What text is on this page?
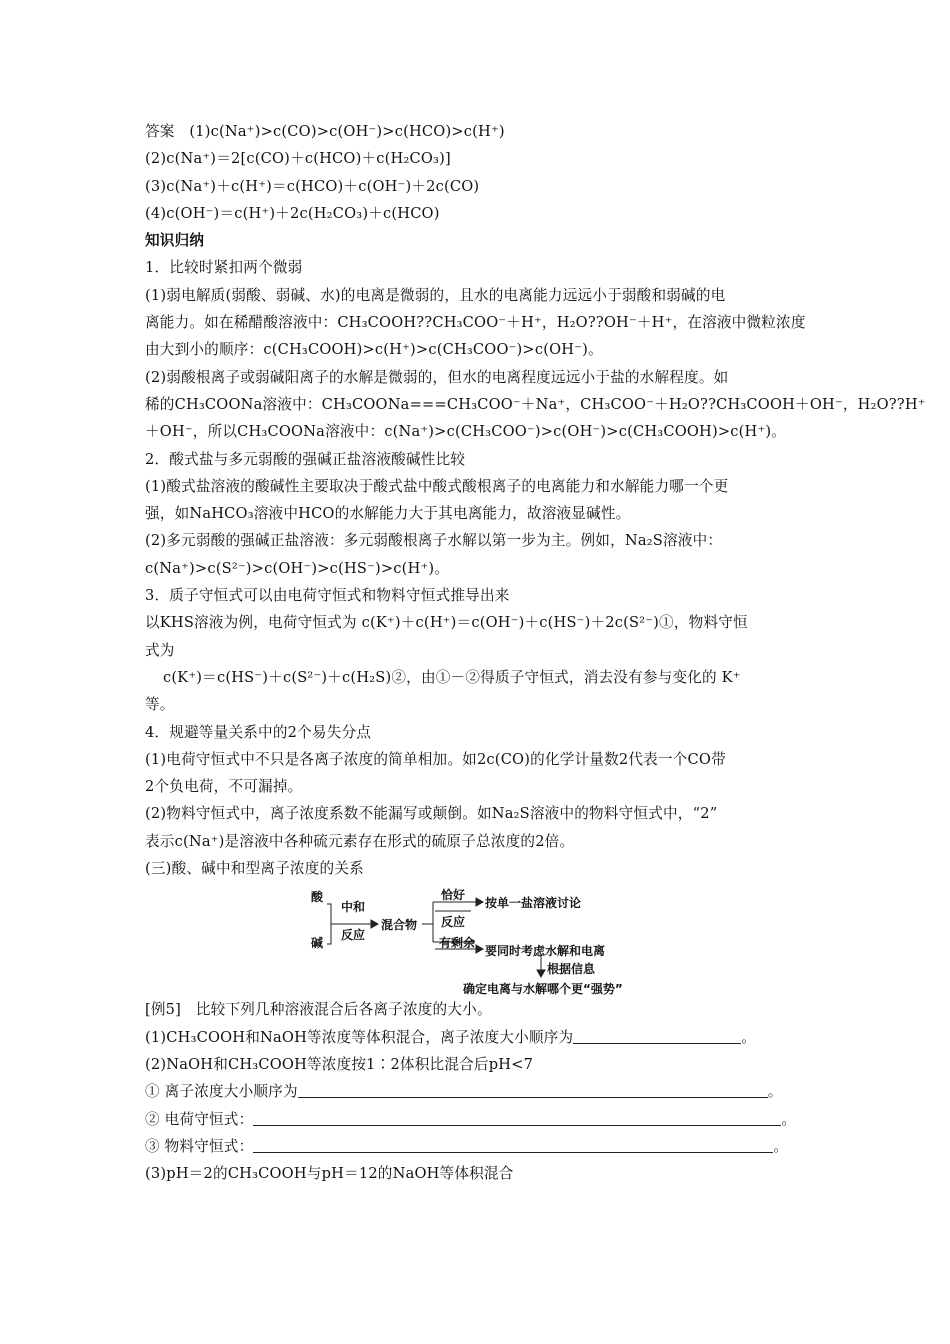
答案　(1)c(Na⁺)>c(CO)>c(OH⁻)>c(HCO)>c(H⁺)
(2)c(Na⁺)＝2[c(CO)＋c(HCO)＋c(H₂CO₃)]
(3)c(Na⁺)＋c(H⁺)＝c(HCO)＋c(OH⁻)＋2c(CO)
(4)c(OH⁻)＝c(H⁺)＋2c(H₂CO₃)＋c(HCO)
知识归纳
1．比较时紧扣两个微弱
(1)弱电解质(弱酸、弱碱、水)的电离是微弱的，且水的电离能力远远小于弱酸和弱碱的电
离能力。如在稀醋酸溶液中：CH₃COOH??CH₃COO⁻＋H⁺，H₂O??OH⁻＋H⁺，在溶液中微粒浓度
由大到小的顺序：c(CH₃COOH)>c(H⁺)>c(CH₃COO⁻)>c(OH⁻)。
(2)弱酸根离子或弱碱阳离子的水解是微弱的，但水的电离程度远远小于盐的水解程度。如
稀的CH₃COONa溶液中：CH₃COONa===CH₃COO⁻＋Na⁺，CH₃COO⁻＋H₂O??CH₃COOH＋OH⁻，H₂O??H⁺
＋OH⁻，所以CH₃COONa溶液中：c(Na⁺)>c(CH₃COO⁻)>c(OH⁻)>c(CH₃COOH)>c(H⁺)。
2．酸式盐与多元弱酸的强碱正盐溶液酸碱性比较
(1)酸式盐溶液的酸碱性主要取决于酸式盐中酸式酸根离子的电离能力和水解能力哪一个更
强，如NaHCO₃溶液中HCO的水解能力大于其电离能力，故溶液显碱性。
(2)多元弱酸的强碱正盐溶液：多元弱酸根离子水解以第一步为主。例如，Na₂S溶液中：
c(Na⁺)>c(S²⁻)>c(OH⁻)>c(HS⁻)>c(H⁺)。
3．质子守恒式可以由电荷守恒式和物料守恒式推导出来
以KHS溶液为例，电荷守恒式为 c(K⁺)＋c(H⁺)＝c(OH⁻)＋c(HS⁻)＋2c(S²⁻)①，物料守恒
式为
c(K⁺)＝c(HS⁻)＋c(S²⁻)＋c(H₂S)②，由①－②得质子守恒式，消去没有参与变化的 K⁺
等。
4．规避等量关系中的2个易失分点
(1)电荷守恒式中不只是各离子浓度的简单相加。如2c(CO)的化学计量数2代表一个CO带
2个负电荷，不可漏掉。
(2)物料守恒式中，离子浓度系数不能漏写或颠倒。如Na₂S溶液中的物料守恒式中，“2”
表示c(Na⁺)是溶液中各种硫元素存在形式的硫原子总浓度的2倍。
(三)酸、碱中和型离子浓度的关系
酸
碱
中和
反应
混合物
恰好
反应
按单一盐溶液讨论
有剩余
要同时考虑水解和电离
根据信息
确定电离与水解哪个更“强势”
[例5]　比较下列几种溶液混合后各离子浓度的大小。
(1)CH₃COOH和NaOH等浓度等体积混合，离子浓度大小顺序为	。
(2)NaOH和CH₃COOH等浓度按1∶2体积比混合后pH<7
① 离子浓度大小顺序为	。
② 电荷守恒式：	。
③ 物料守恒式：	。
(3)pH＝2的CH₃COOH与pH＝12的NaOH等体积混合
